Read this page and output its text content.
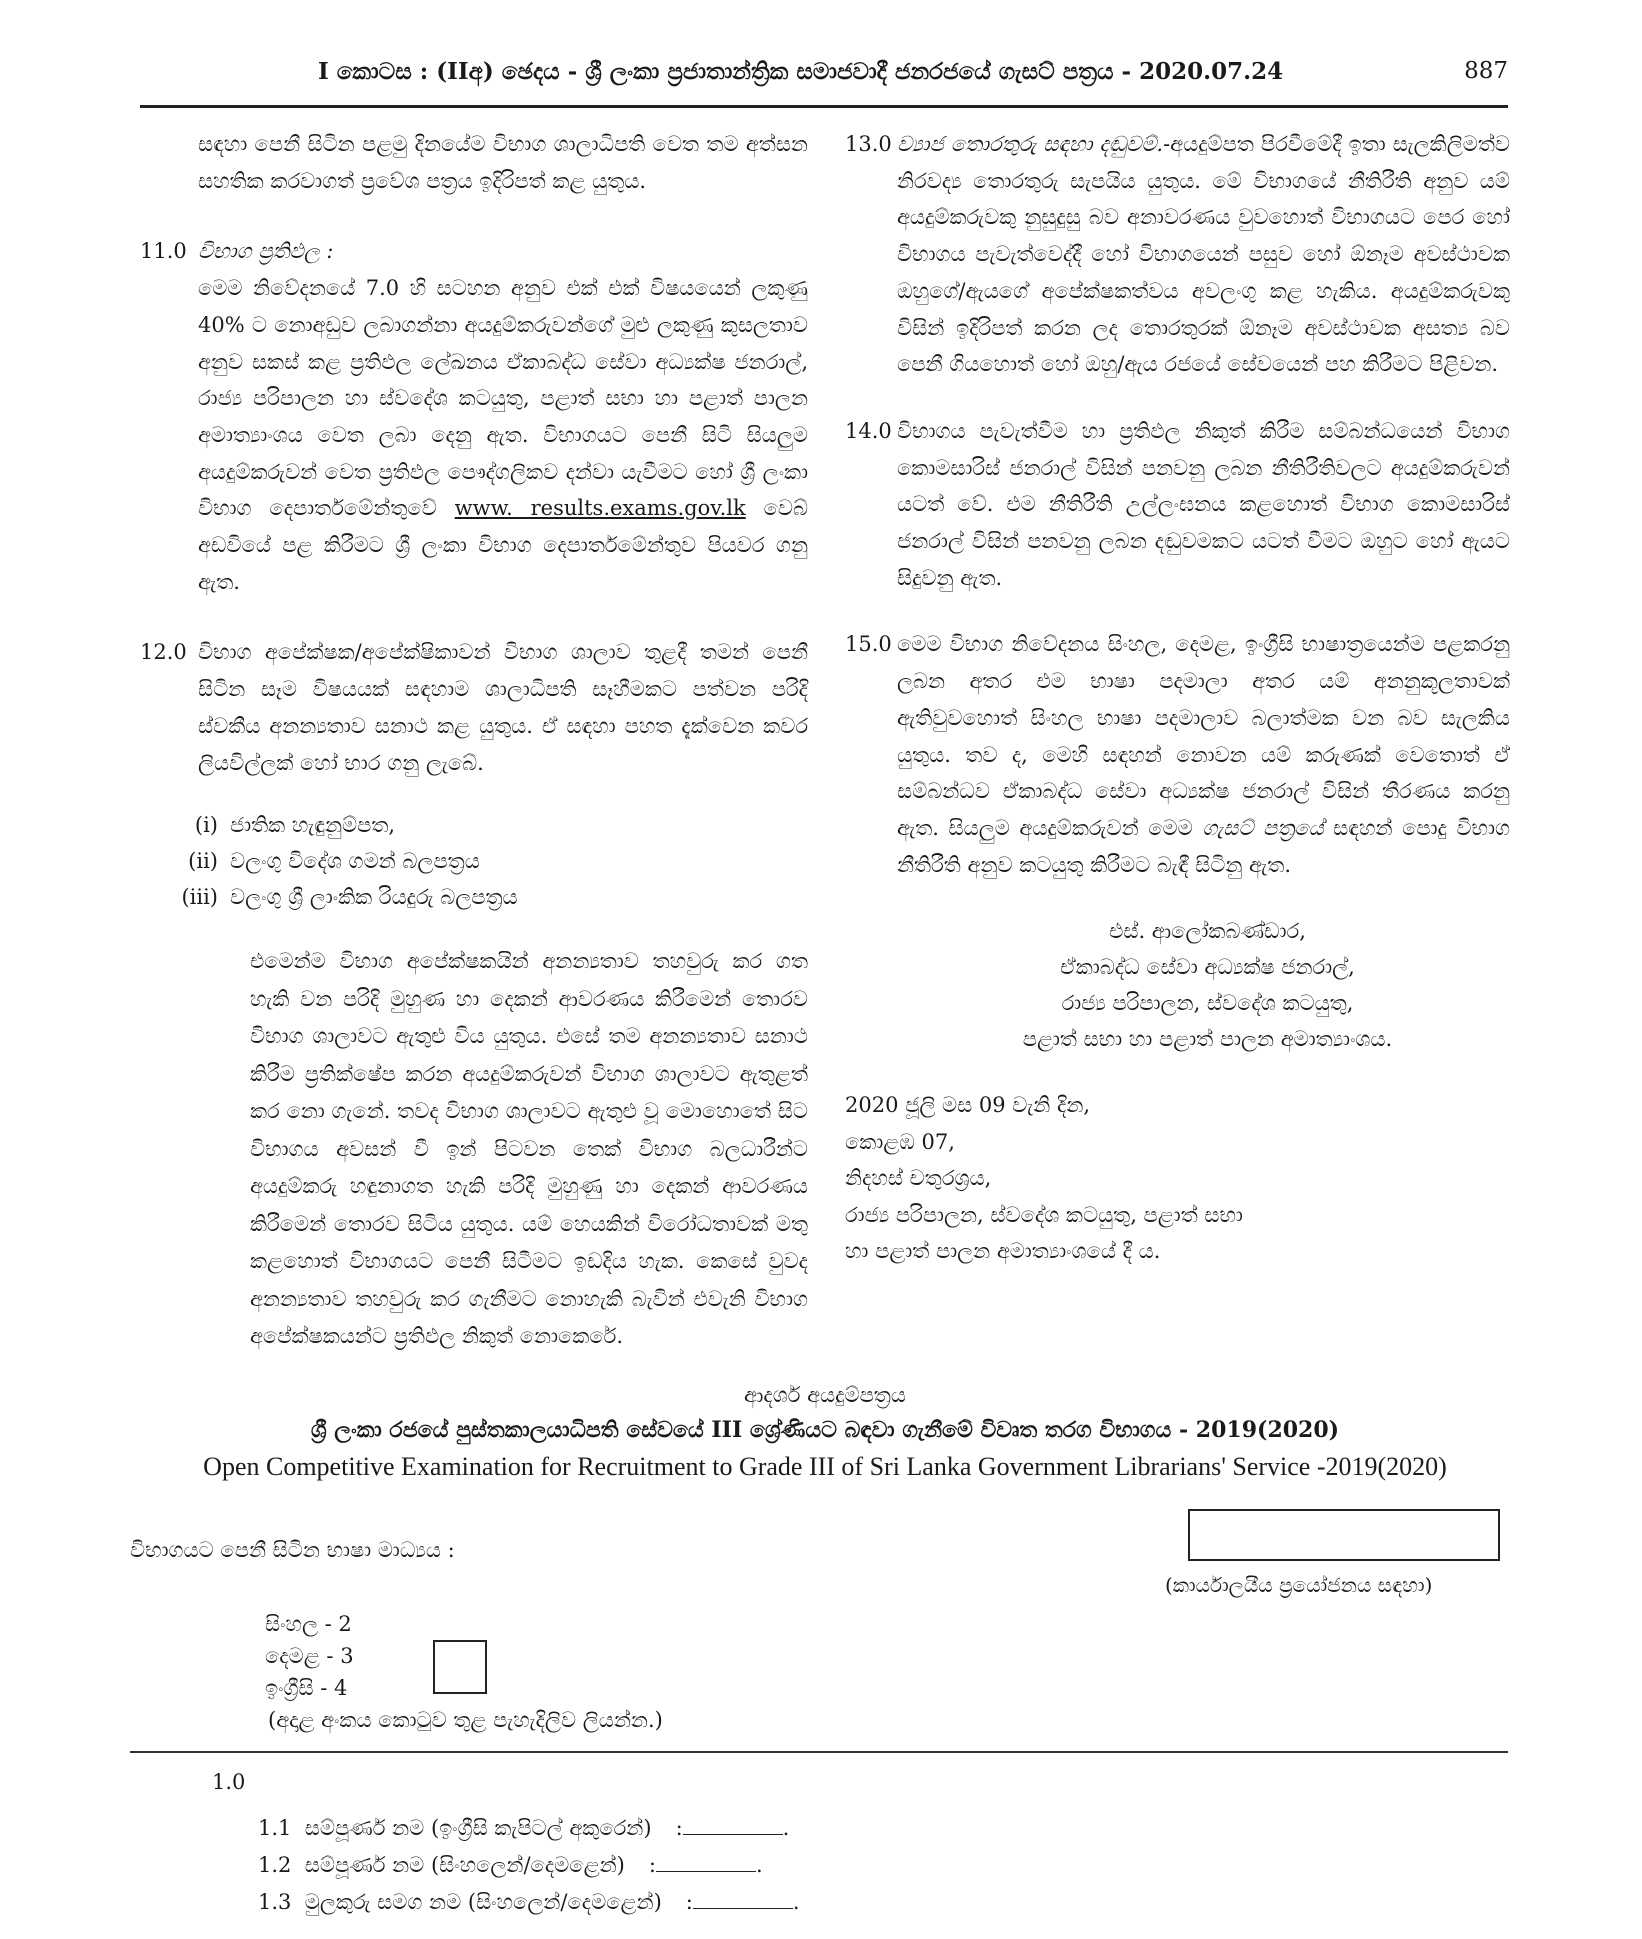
I කොටස : (IIඅ) ඡෙදය - ශ්‍රී ලංකා ප්‍රජාතාන්ත්‍රික සමාජවාදී ජනරජයේ ගැසට් පත්‍රය - 2020.07.24	887
සඳහා පෙනී සිටින පළමු දිනයේම විභාග ශාලාධිපති වෙත තම අත්සන සහතික කරවාගත් ප්‍රවේශ පත්‍රය ඉදිරිපත් කළ යුතුය.
11.0 විභාග ප්‍රතිඵල :
මෙම නිවේදනයේ 7.0 හි සටහන අනුව එක් එක් විෂයයෙන් ලකුණු 40% ට නොඅඩුව ලබාගන්නා අයදුම්කරුවන්ගේ මුළු ලකුණු කුසලතාව අනුව සකස් කළ ප්‍රතිඵල ලේඛනය ඒකාබද්ධ සේවා අධ්‍යක්ෂ ජනරාල්, රාජ්‍ය පරිපාලන හා ස්වදේශ කටයුතු, පළාත් සභා හා පළාත් පාලන අමාත්‍යාංශය වෙත ලබා දෙනු ඇත. විභාගයට පෙනී සිටි සියලුම අයදුම්කරුවන් වෙත ප්‍රතිඵල පෞද්ගලිකව දන්වා යැවීමට හෝ ශ්‍රී ලංකා විභාග දෙපාර්තමේන්තුවේ www. results.exams.gov.lk වෙබ් අඩවියේ පළ කිරීමට ශ්‍රී ලංකා විභාග දෙපාර්තමේන්තුව පියවර ගනු ඇත.
12.0 විභාග අපේක්ෂක/අපේක්ෂිකාවන් විභාග ශාලාව තුළදී තමන් පෙනී සිටින සෑම විෂයයක් සඳහාම ශාලාධිපති සෑහීමකට පත්වන පරිදි ස්වකීය අනන්‍යතාව සනාථ කළ යුතුය. ඒ සඳහා පහත දැක්වෙන කවර ලියවිල්ලක් හෝ භාර ගනු ලැබේ.
(i) ජාතික හැඳුනුම්පත,
(ii) වලංගු විදේශ ගමන් බලපත්‍රය
(iii) වලංගු ශ්‍රී ලාංකික රියදුරු බලපත්‍රය
එමෙන්ම විභාග අපේක්ෂකයින් අනන්‍යතාව තහවුරු කර ගත හැකි වන පරිදි මුහුණ හා දෙකන් ආවරණය කිරීමෙන් තොරව විභාග ශාලාවට ඇතුළු විය යුතුය. එසේ තම අනන්‍යතාව සනාථ කිරීම ප්‍රතික්ෂේප කරන අයදුම්කරුවන් විභාග ශාලාවට ඇතුළත් කර නො ගැනේ. තවද විභාග ශාලාවට ඇතුළු වූ මොහොතේ සිට විභාගය අවසන් වී ඉන් පිටවන තෙක් විභාග බලධාරීන්ට අයදුම්කරු හඳුනාගත හැකි පරිදි මුහුණු හා දෙකන් ආවරණය කිරීමෙන් තොරව සිටිය යුතුය. යම් හෙයකින් විරෝධතාවක් මතු කළහොත් විභාගයට පෙනී සිටීමට ඉඩදිය හැක. කෙසේ වුවද අනන්‍යතාව තහවුරු කර ගැනීමට නොහැකි බැවින් එවැනි විභාග අපේක්ෂකයන්ට ප්‍රතිඵල නිකුත් නොකෙරේ.
13.0 ව්‍යාජ තොරතුරු සඳහා දඬුවම්.-අයදුම්පත පිරවීමේදී ඉතා සැලකිලිමත්ව නිරවද්‍ය තොරතුරු සැපයිය යුතුය. මේ විභාගයේ නීතිරීති අනුව යම් අයදුම්කරුවකු නුසුදුසු බව අනාවරණය වුවහොත් විභාගයට පෙර හෝ විභාගය පැවැත්වෙද්දී හෝ විභාගයෙන් පසුව හෝ ඕනෑම අවස්ථාවක ඔහුගේ/ඇයගේ අපේක්ෂකත්වය අවලංගු කළ හැකිය. අයදුම්කරුවකු විසින් ඉදිරිපත් කරන ලද තොරතුරක් ඕනෑම අවස්ථාවක අසත්‍ය බව පෙනී ගියහොත් හෝ ඔහු/ඇය රජයේ සේවයෙන් පහ කිරීමට පිළිවන.
14.0 විභාගය පැවැත්වීම හා ප්‍රතිඵල නිකුත් කිරීම සම්බන්ධයෙන් විභාග කොමසාරිස් ජනරාල් විසින් පනවනු ලබන නීතිරීතිවලට අයදුම්කරුවන් යටත් වේ. එම නීතිරීති උල්ලංඝනය කළහොත් විභාග කොමසාරිස් ජනරාල් විසින් පනවනු ලබන දඬුවමකට යටත් වීමට ඔහුට හෝ ඇයට සිදුවනු ඇත.
15.0 මෙම විභාග නිවේදනය සිංහල, දෙමළ, ඉංග්‍රීසි භාෂාත්‍රයෙන්ම පළකරනු ලබන අතර එම භාෂා පදමාලා අතර යම් අනනුකූලතාවක් ඇතිවුවහොත් සිංහල භාෂා පදමාලාව බලාත්මක වන බව සැලකිය යුතුය. තව ද, මෙහි සඳහන් නොවන යම් කරුණක් වෙතොත් ඒ සම්බන්ධව ඒකාබද්ධ සේවා අධ්‍යක්ෂ ජනරාල් විසින් තීරණය කරනු ඇත. සියලුම අයදුම්කරුවන් මෙම ගැසට් පත්‍රයේ සඳහන් පොදු විභාග නීතිරීති අනුව කටයුතු කිරීමට බැඳී සිටිනු ඇත.
එස්. ආලෝකබණ්ඩාර,
ඒකාබද්ධ සේවා අධ්‍යක්ෂ ජනරාල්,
රාජ්‍ය පරිපාලන, ස්වදේශ කටයුතු,
පළාත් සභා හා පළාත් පාලන අමාත්‍යාංශය.
2020 ජූලි මස 09 වැනි දින,
කොළඹ 07,
නිදහස් චතුරශ්‍රය,
රාජ්‍ය පරිපාලන, ස්වදේශ කටයුතු, පළාත් සභා
හා පළාත් පාලන අමාත්‍යාංශයේ දී ය.
ආදර්ශ අයදුම්පත්‍රය
ශ්‍රී ලංකා රජයේ පුස්තකාලයාධිපති සේවයේ III ශ්‍රේණියට බඳවා ගැනීමේ විවෘත තරග විභාගය - 2019(2020)
Open Competitive Examination for Recruitment to Grade III of Sri Lanka Government Librarians' Service -2019(2020)
(කාර්යාලයීය ප්‍රයෝජනය සඳහා)
විභාගයට පෙනී සිටින භාෂා මාධ්‍යය :
සිංහල - 2
දෙමළ - 3
ඉංග්‍රීසි - 4
(අදාළ අංකය කොටුව තුළ පැහැදිලිව ලියන්න.)
1.0
1.1 සම්පූර්ණ නම (ඉංග්‍රීසි කැපිටල් අකුරෙන්) :	.
1.2 සම්පූර්ණ නම (සිංහලෙන්/දෙමළෙන්) :	.
1.3 මුලකුරු සමග නම (සිංහලෙන්/දෙමළෙන්) :	.
